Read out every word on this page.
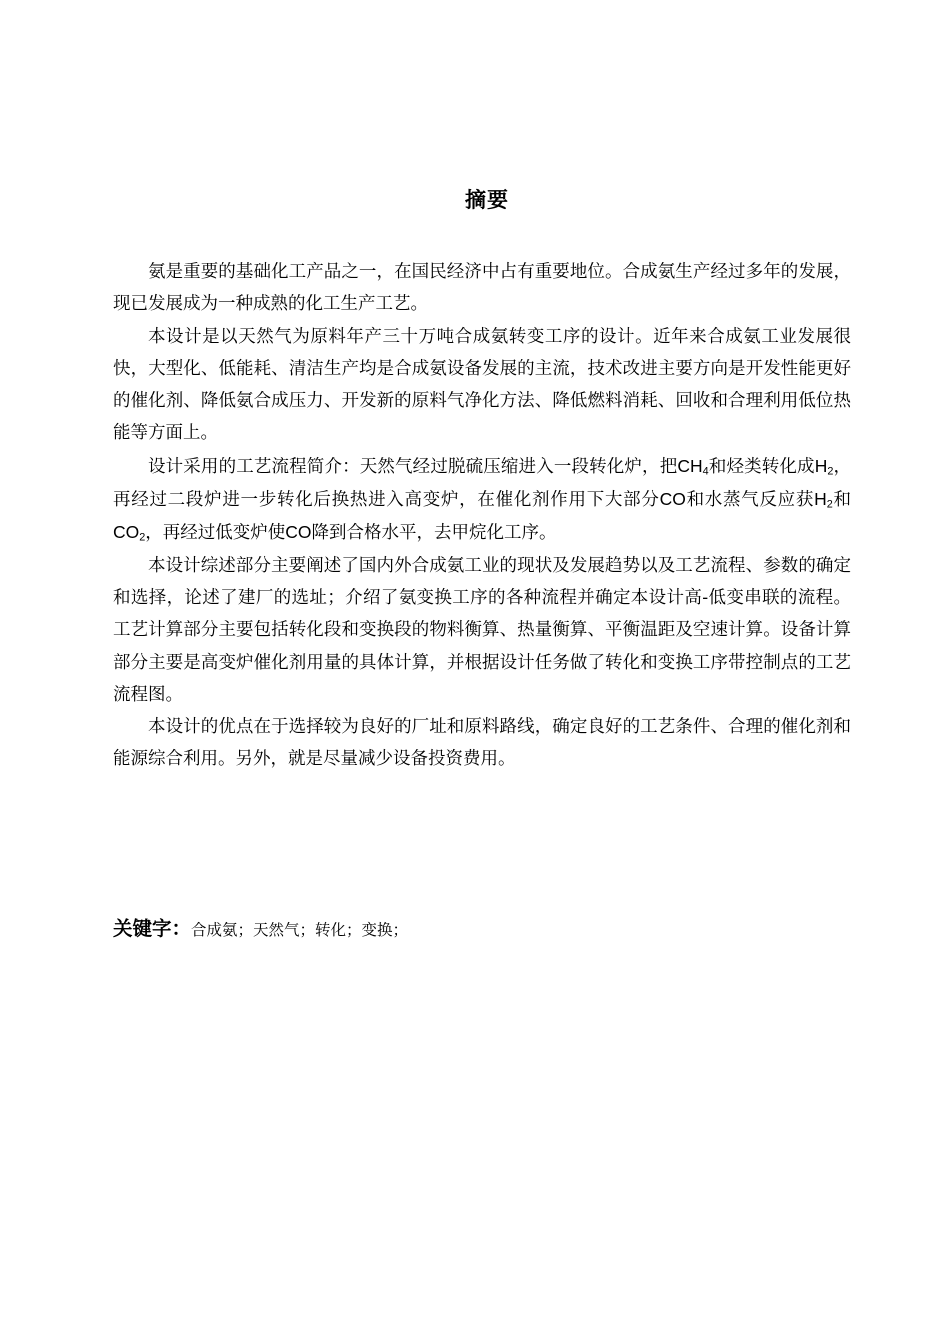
摘要

氨是重要的基础化工产品之一，在国民经济中占有重要地位。合成氨生产经过多年的发展，现已发展成为一种成熟的化工生产工艺。

本设计是以天然气为原料年产三十万吨合成氨转变工序的设计。近年来合成氨工业发展很快，大型化、低能耗、清洁生产均是合成氨设备发展的主流，技术改进主要方向是开发性能更好的催化剂、降低氨合成压力、开发新的原料气净化方法、降低燃料消耗、回收和合理利用低位热能等方面上。

设计采用的工艺流程简介：天然气经过脱硫压缩进入一段转化炉，把$CH_4$和烃类转化成$H_2$，再经过二段炉进一步转化后换热进入高变炉，在催化剂作用下大部分CO和水蒸气反应获$H_2$和$CO_2$，再经过低变炉使CO降到合格水平，去甲烷化工序。

本设计综述部分主要阐述了国内外合成氨工业的现状及发展趋势以及工艺流程、参数的确定和选择，论述了建厂的选址；介绍了氨变换工序的各种流程并确定本设计高-低变串联的流程。工艺计算部分主要包括转化段和变换段的物料衡算、热量衡算、平衡温距及空速计算。设备计算部分主要是高变炉催化剂用量的具体计算，并根据设计任务做了转化和变换工序带控制点的工艺流程图。

本设计的优点在于选择较为良好的厂址和原料路线，确定良好的工艺条件、合理的催化剂和能源综合利用。另外，就是尽量减少设备投资费用。

关键字：合成氨；天然气；转化；变换；
